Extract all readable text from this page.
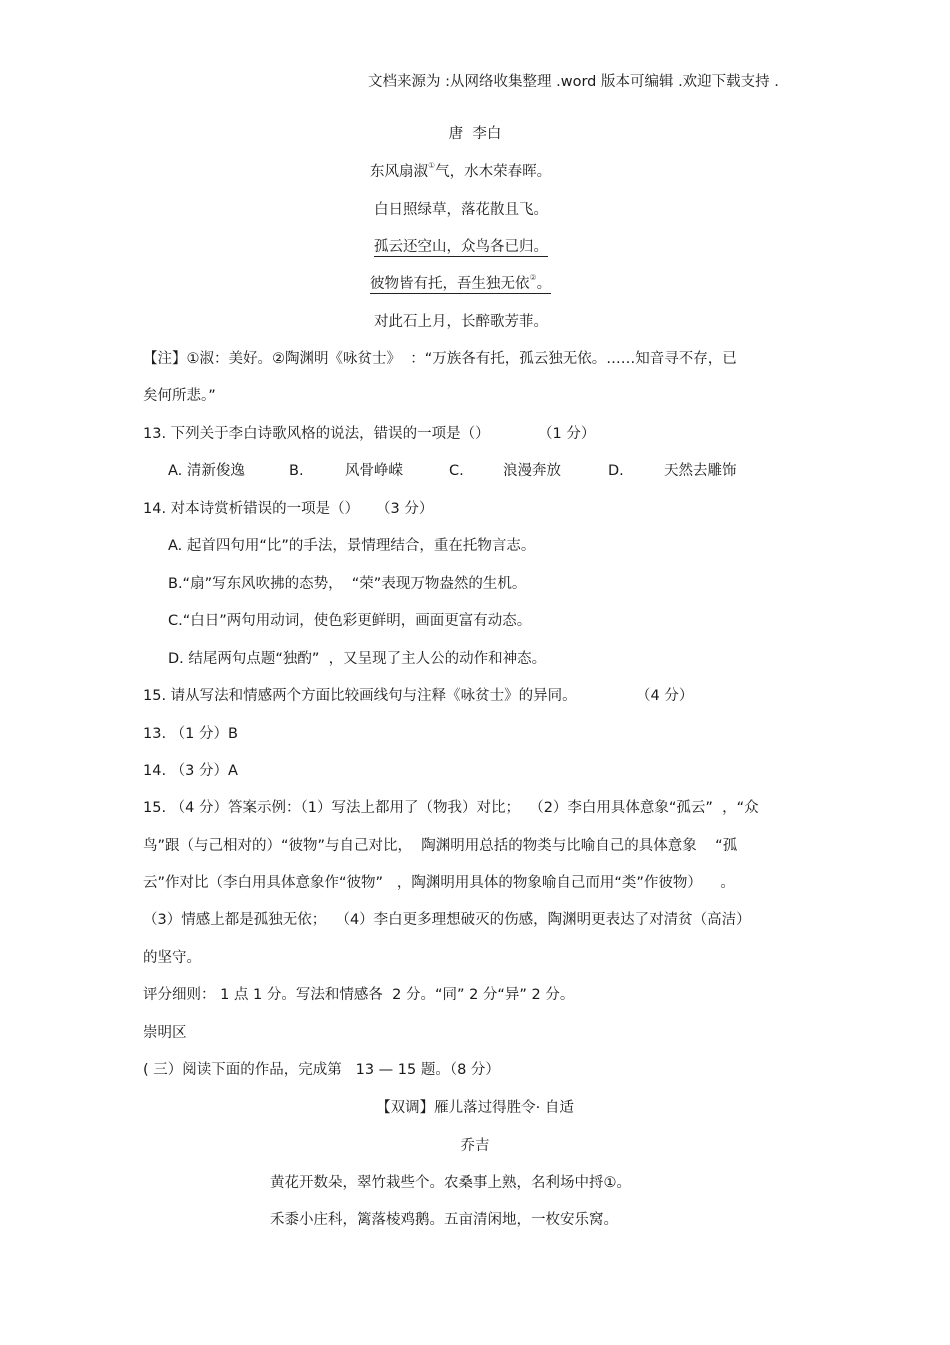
文档来源为 :从网络收集整理 .word 版本可编辑 .欢迎下载支持 .
唐  李白
东风扇淑①气，水木荣春晖。
白日照绿草，落花散且飞。
孤云还空山，众鸟各已归。
彼物皆有托，吾生独无依②。
对此石上月，长醉歌芳菲。
【注】①淑：美好。②陶渊明《咏贫士》  ：“万族各有托，孤云独无依。……知音寻不存，已
矣何所悲。”
13. 下列关于李白诗歌风格的说法，错误的一项是（）	（1 分）
A. 清新俊逸	B.	风骨峥嵘	C.	浪漫奔放	D.	天然去雕饰
14. 对本诗赏析错误的一项是（） （3 分）
A. 起首四句用“比”的手法，景情理结合，重在托物言志。
B.“扇”写东风吹拂的态势，  “荣”表现万物盎然的生机。
C.“白日”两句用动词，使色彩更鲜明，画面更富有动态。
D. 结尾两句点题“独酌”  ，又呈现了主人公的动作和神态。
15. 请从写法和情感两个方面比较画线句与注释《咏贫士》的异同。	（4 分）
13. （1 分）B
14. （3 分）A
15. （4 分）答案示例：（1）写法上都用了（物我）对比；  （2）李白用具体意象“孤云”  ，“众
鸟”跟（与己相对的）“彼物”与自己对比，  陶渊明用总括的物类与比喻自己的具体意象    “孤
云”作对比（李白用具体意象作“彼物”   ，陶渊明用具体的物象喻自己而用“类”作彼物）    。
（3）情感上都是孤独无依；  （4）李白更多理想破灭的伤感，陶渊明更表达了对清贫（高洁）
的坚守。
评分细则： 1 点 1 分。写法和情感各  2 分。“同” 2 分“异” 2 分。
崇明区
( 三）阅读下面的作品，完成第   13 — 15 题。（8 分）
【双调】雁儿落过得胜令· 自适
乔吉
黄花开数朵，翠竹栽些个。农桑事上熟，名利场中捋①。
禾黍小庄科，篱落棱鸡鹅。五亩清闲地，一枚安乐窝。
